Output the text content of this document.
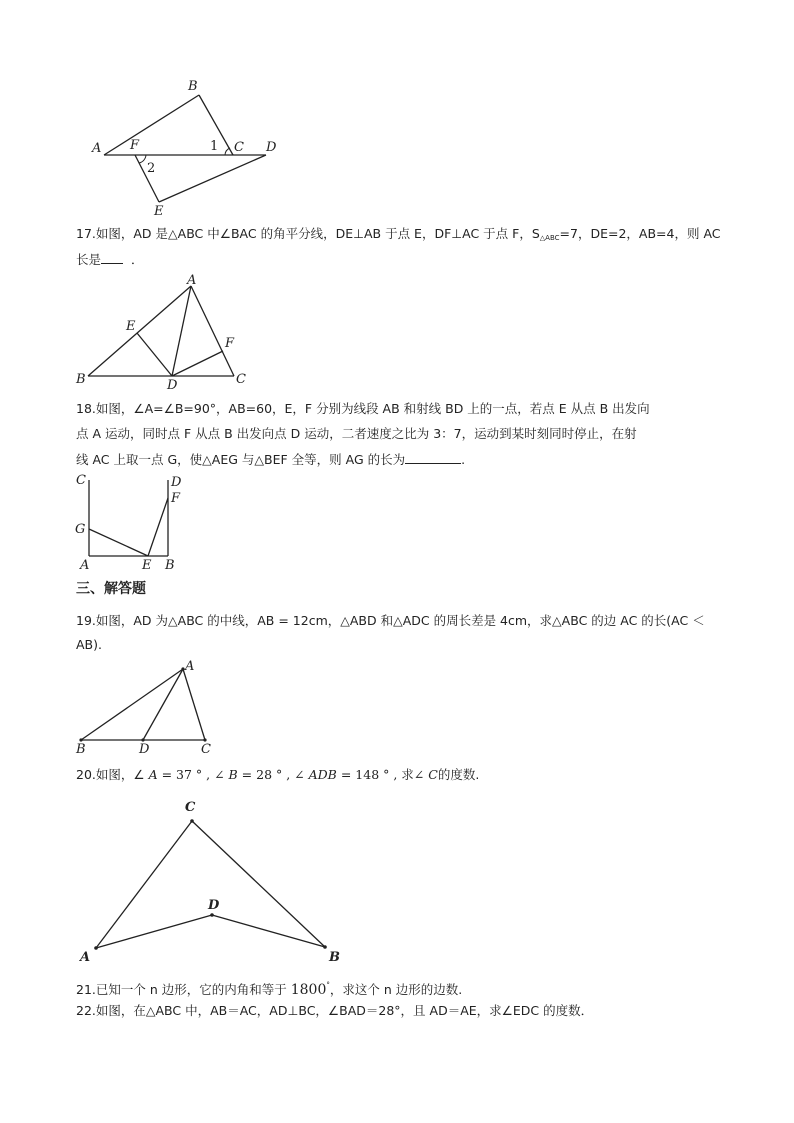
A
B
C D
E
F	1
2
17.如图，AD 是△ABC 中∠BAC 的角平分线，DE⊥AB 于点 E，DF⊥AC 于点 F，$S_{\triangle ABC}=7$，DE=2，AB=4，则 AC
长是 ．
A
B	C
D
E
F
18.如图，∠A=∠B=90°，AB=60，E，F 分别为线段 AB 和射线 BD 上的一点，若点 E 从点 B 出发向
点 A 运动，同时点 F 从点 B 出发向点 D 运动，二者速度之比为 3：7，运动到某时刻同时停止，在射
线 AC 上取一点 G，使△AEG 与△BEF 全等，则 AG 的长为	.
C	D
F
G
A	E B
三、解答题
19.如图，AD 为△ABC 的中线，AB = 12cm，△ABD 和△ADC 的周长差是 4cm，求△ABC 的边 AC 的长(AC ＜
AB).
A
B	D	C
20.如图，∠ A = 37 ° , ∠ B = 28 ° , ∠ ADB = 148 ° , 求∠ C的度数.
C
D
A	B
21.已知一个 n 边形，它的内角和等于 1800°，求这个 n 边形的边数.
22.如图，在△ABC 中，AB＝AC，AD⊥BC，∠BAD＝28°，且 AD＝AE，求∠EDC 的度数．
